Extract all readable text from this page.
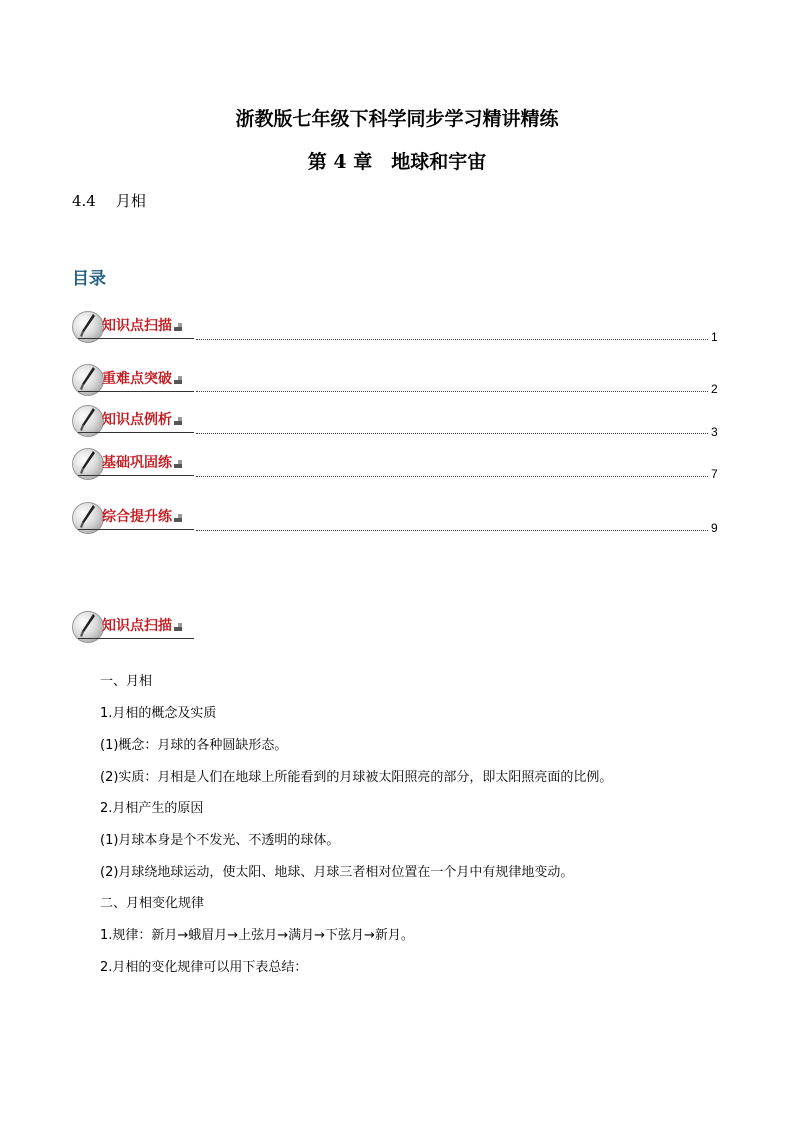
浙教版七年级下科学同步学习精讲精练
第 4 章　地球和宇宙
4.4 月相
目录
知识点扫描
1
重难点突破
2
知识点例析
3
基础巩固练
7
综合提升练
9
知识点扫描
一、月相
1.月相的概念及实质
(1)概念：月球的各种圆缺形态。
(2)实质：月相是人们在地球上所能看到的月球被太阳照亮的部分，即太阳照亮面的比例。
2.月相产生的原因
(1)月球本身是个不发光、不透明的球体。
(2)月球绕地球运动，使太阳、地球、月球三者相对位置在一个月中有规律地变动。
二、月相变化规律
1.规律：新月→蛾眉月→上弦月→满月→下弦月→新月。
2.月相的变化规律可以用下表总结：
